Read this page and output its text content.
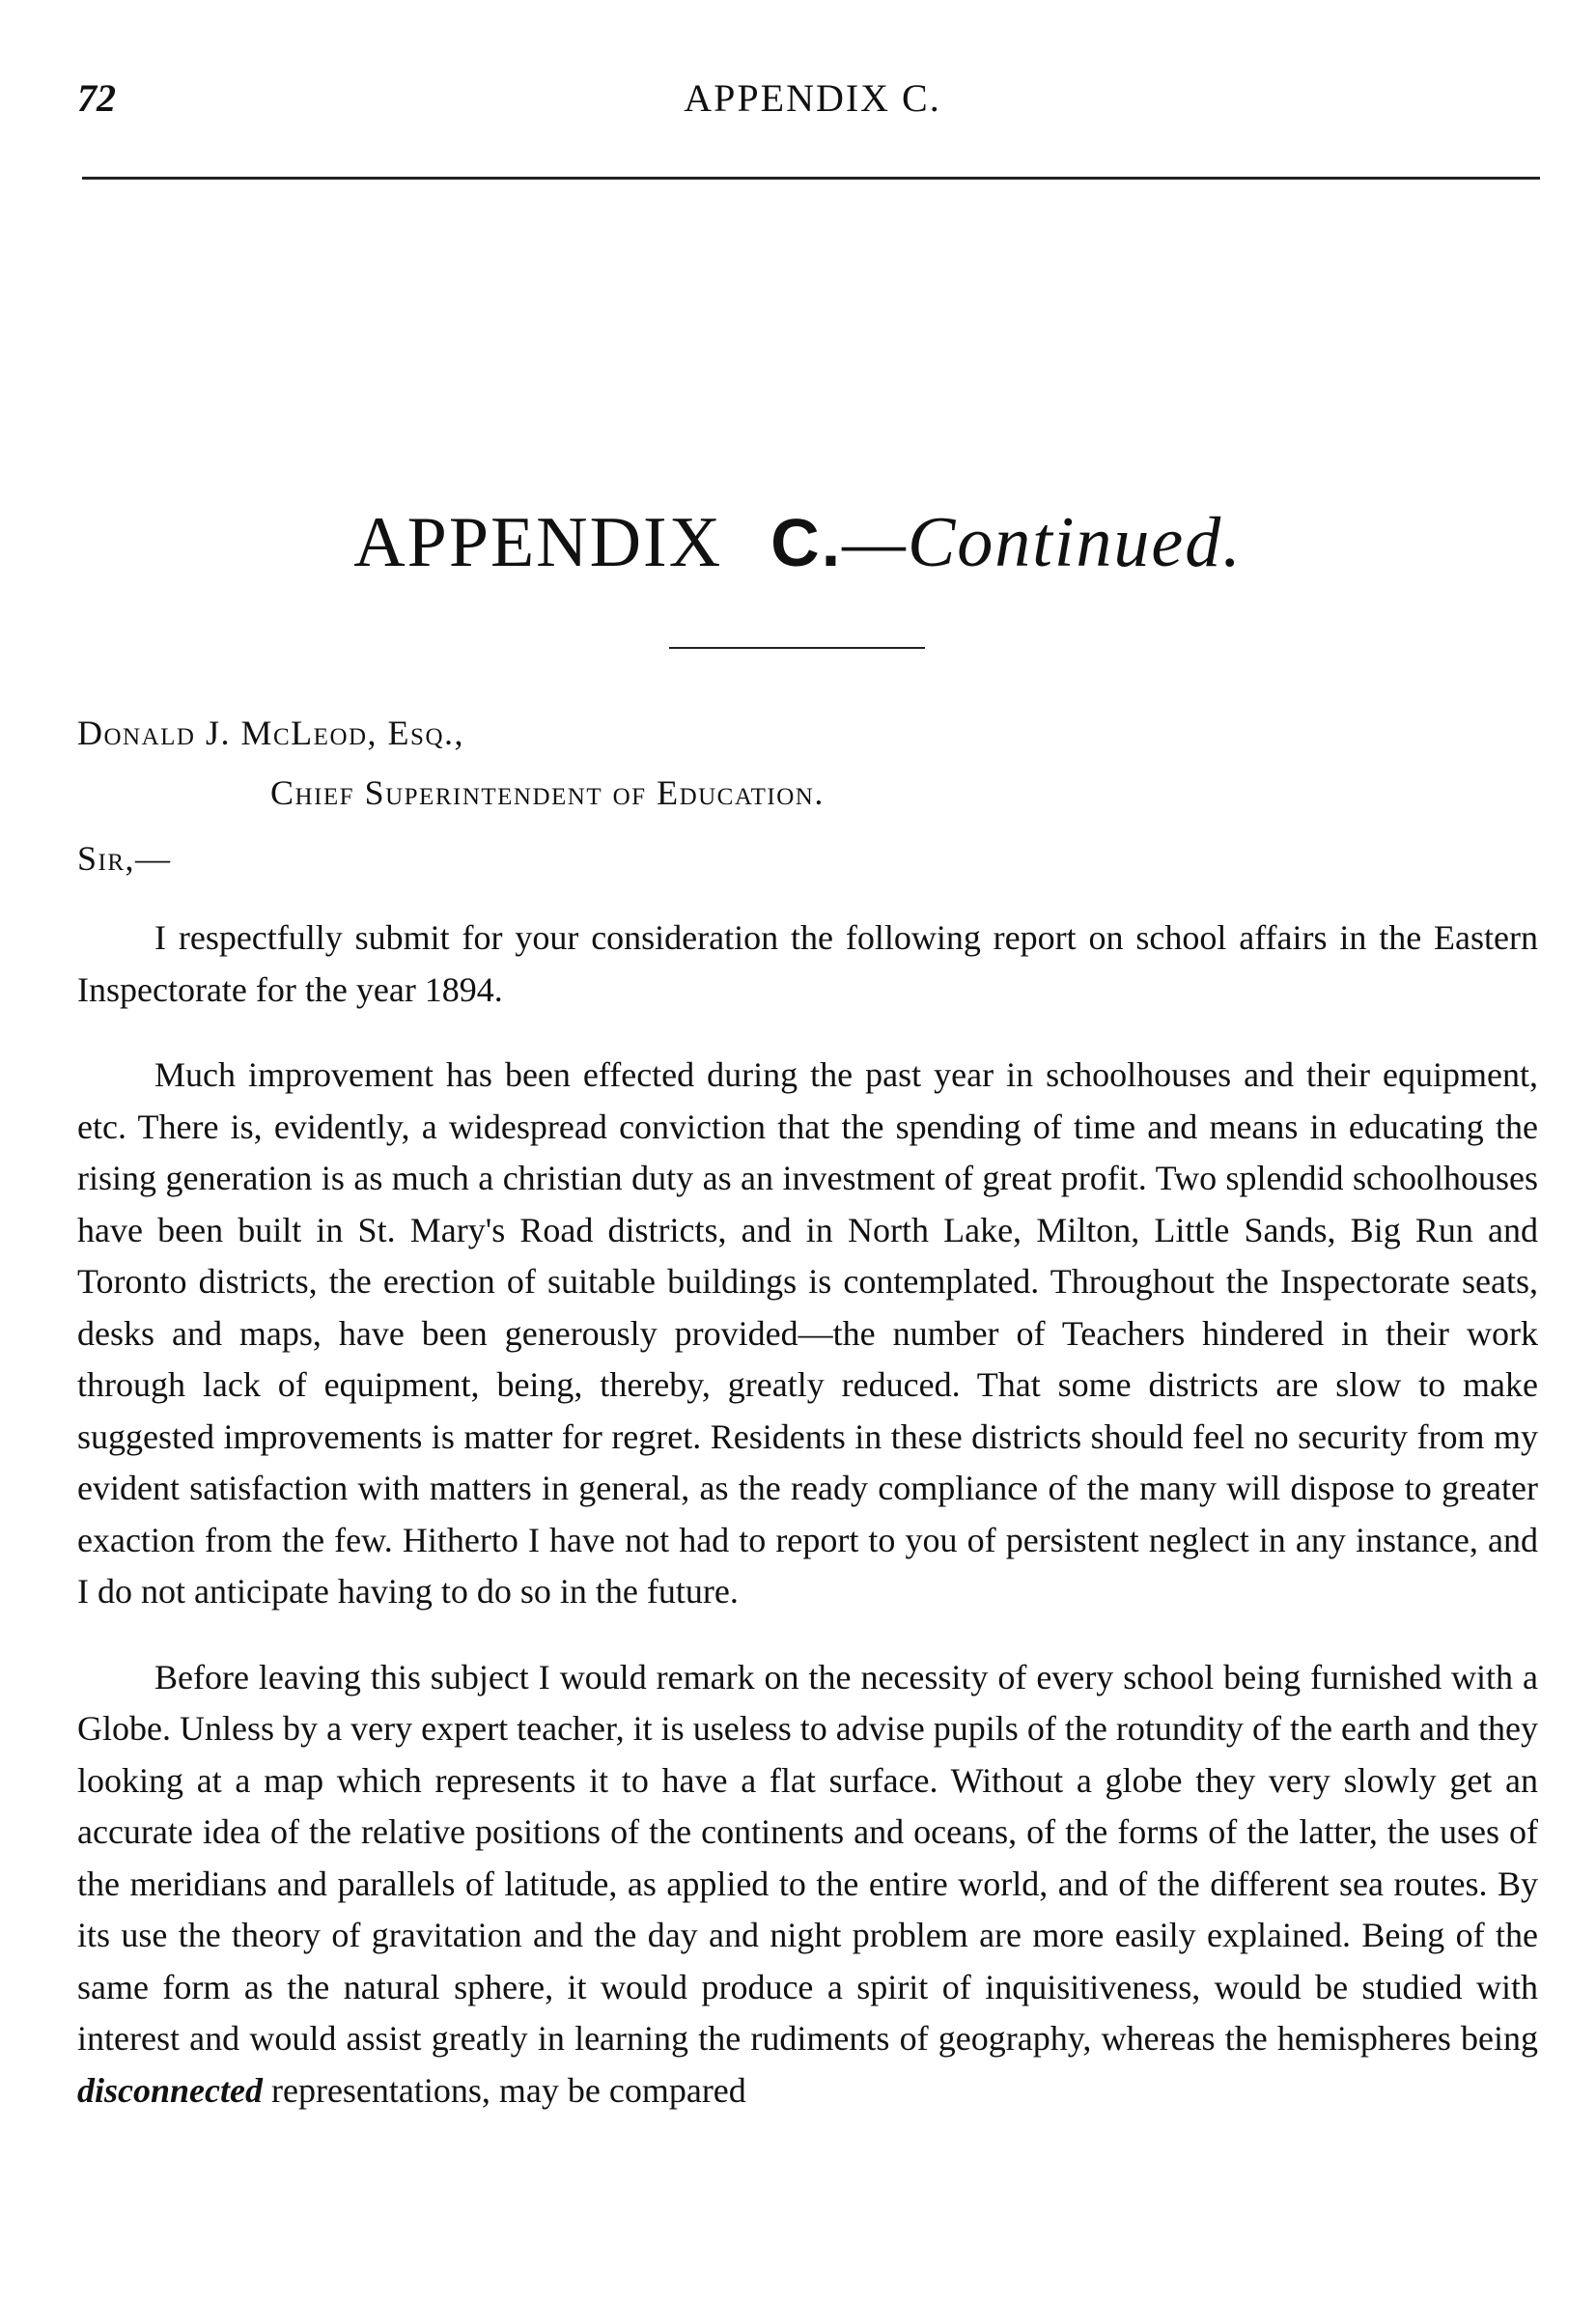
72	APPENDIX C.
APPENDIX C.—Continued.
Donald J. McLeod, Esq.,
Chief Superintendent of Education.
Sir,—

I respectfully submit for your consideration the following report on school affairs in the Eastern Inspectorate for the year 1894.

Much improvement has been effected during the past year in schoolhouses and their equipment, etc. There is, evidently, a widespread conviction that the spending of time and means in educating the rising generation is as much a christian duty as an investment of great profit. Two splendid schoolhouses have been built in St. Mary's Road districts, and in North Lake, Milton, Little Sands, Big Run and Toronto districts, the erection of suitable buildings is contemplated. Throughout the Inspectorate seats, desks and maps, have been generously provided—the number of Teachers hindered in their work through lack of equipment, being, thereby, greatly reduced. That some districts are slow to make suggested improvements is matter for regret. Residents in these districts should feel no security from my evident satisfaction with matters in general, as the ready compliance of the many will dispose to greater exaction from the few. Hitherto I have not had to report to you of persistent neglect in any instance, and I do not anticipate having to do so in the future.

Before leaving this subject I would remark on the necessity of every school being furnished with a Globe. Unless by a very expert teacher, it is useless to advise pupils of the rotundity of the earth and they looking at a map which represents it to have a flat surface. Without a globe they very slowly get an accurate idea of the relative positions of the continents and oceans, of the forms of the latter, the uses of the meridians and parallels of latitude, as applied to the entire world, and of the different sea routes. By its use the theory of gravitation and the day and night problem are more easily explained. Being of the same form as the natural sphere, it would produce a spirit of inquisitiveness, would be studied with interest and would assist greatly in learning the rudiments of geography, whereas the hemispheres being disconnected representations, may be compared
